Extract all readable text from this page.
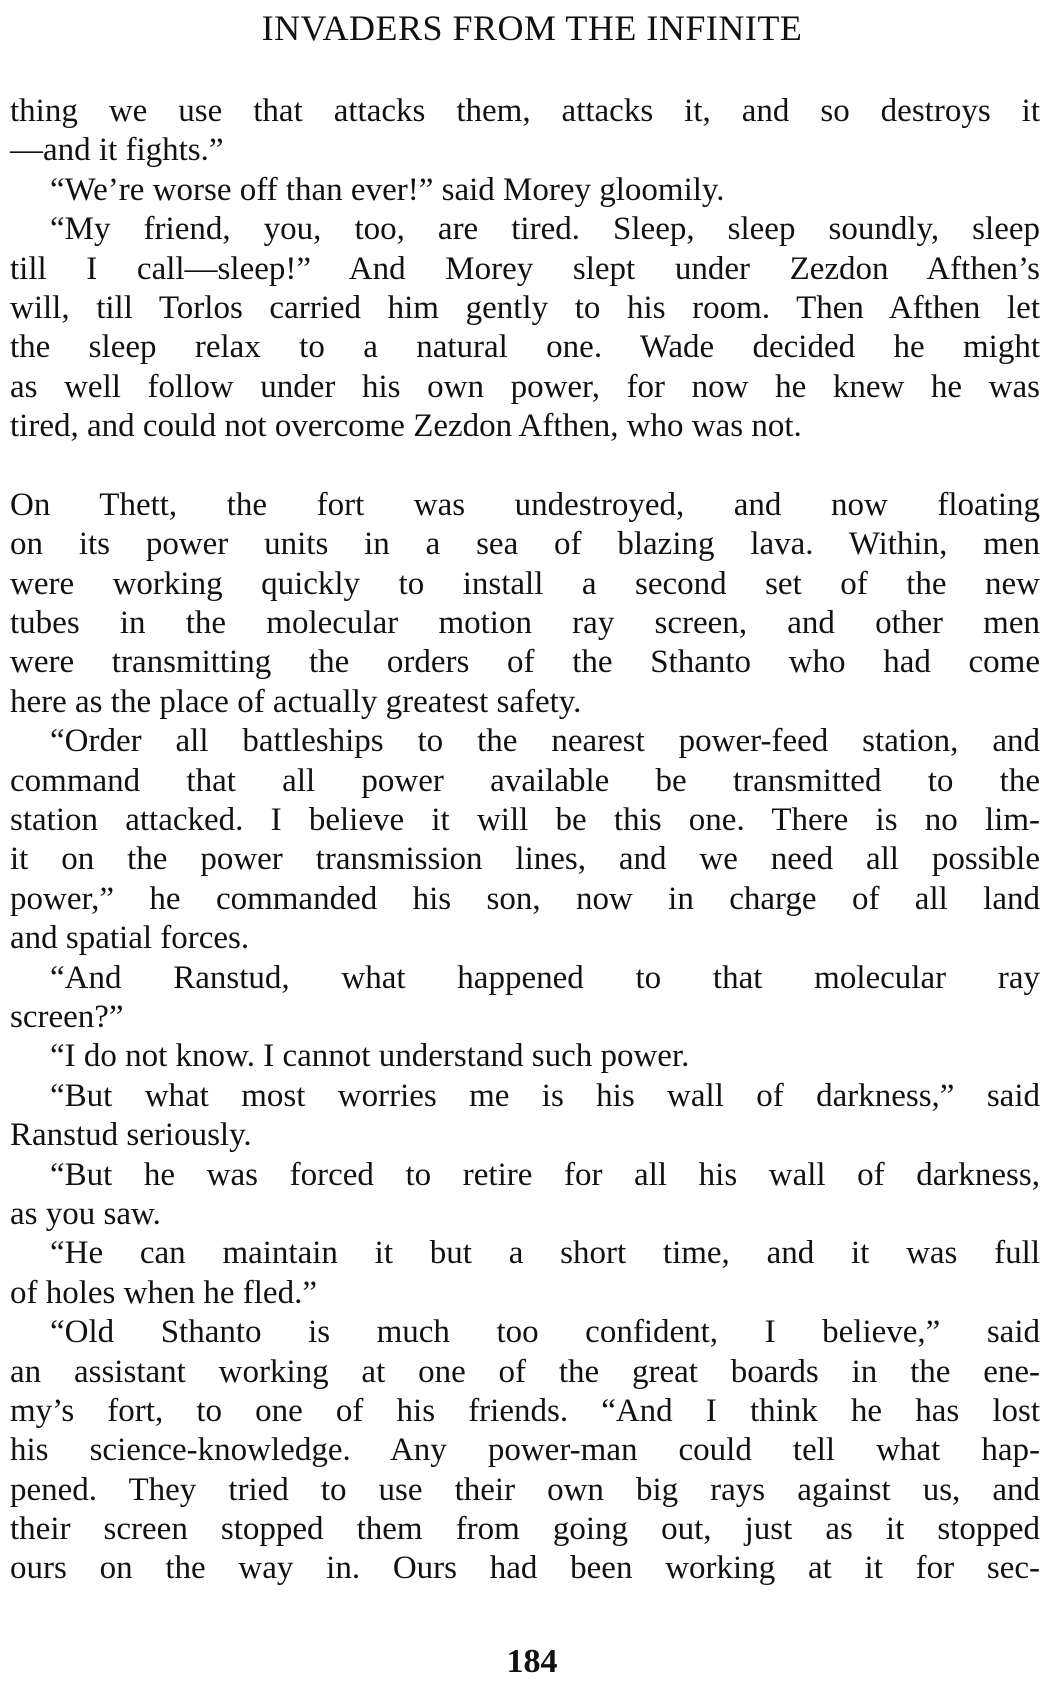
INVADERS FROM THE INFINITE
thing we use that attacks them, attacks it, and so destroys it
—and it fights.”
“We’re worse off than ever!” said Morey gloomily.
“My friend, you, too, are tired. Sleep, sleep soundly, sleep
till I call—sleep!” And Morey slept under Zezdon Afthen’s
will, till Torlos carried him gently to his room. Then Afthen let
the sleep relax to a natural one. Wade decided he might
as well follow under his own power, for now he knew he was
tired, and could not overcome Zezdon Afthen, who was not.
On Thett, the fort was undestroyed, and now floating
on its power units in a sea of blazing lava. Within, men
were working quickly to install a second set of the new
tubes in the molecular motion ray screen, and other men
were transmitting the orders of the Sthanto who had come
here as the place of actually greatest safety.
“Order all battleships to the nearest power-feed station, and
command that all power available be transmitted to the
station attacked. I believe it will be this one. There is no lim-
it on the power transmission lines, and we need all possible
power,” he commanded his son, now in charge of all land
and spatial forces.
“And Ranstud, what happened to that molecular ray
screen?”
“I do not know. I cannot understand such power.
“But what most worries me is his wall of darkness,” said
Ranstud seriously.
“But he was forced to retire for all his wall of darkness,
as you saw.
“He can maintain it but a short time, and it was full
of holes when he fled.”
“Old Sthanto is much too confident, I believe,” said
an assistant working at one of the great boards in the ene-
my’s fort, to one of his friends. “And I think he has lost
his science-knowledge. Any power-man could tell what hap-
pened. They tried to use their own big rays against us, and
their screen stopped them from going out, just as it stopped
ours on the way in. Ours had been working at it for sec-
184
